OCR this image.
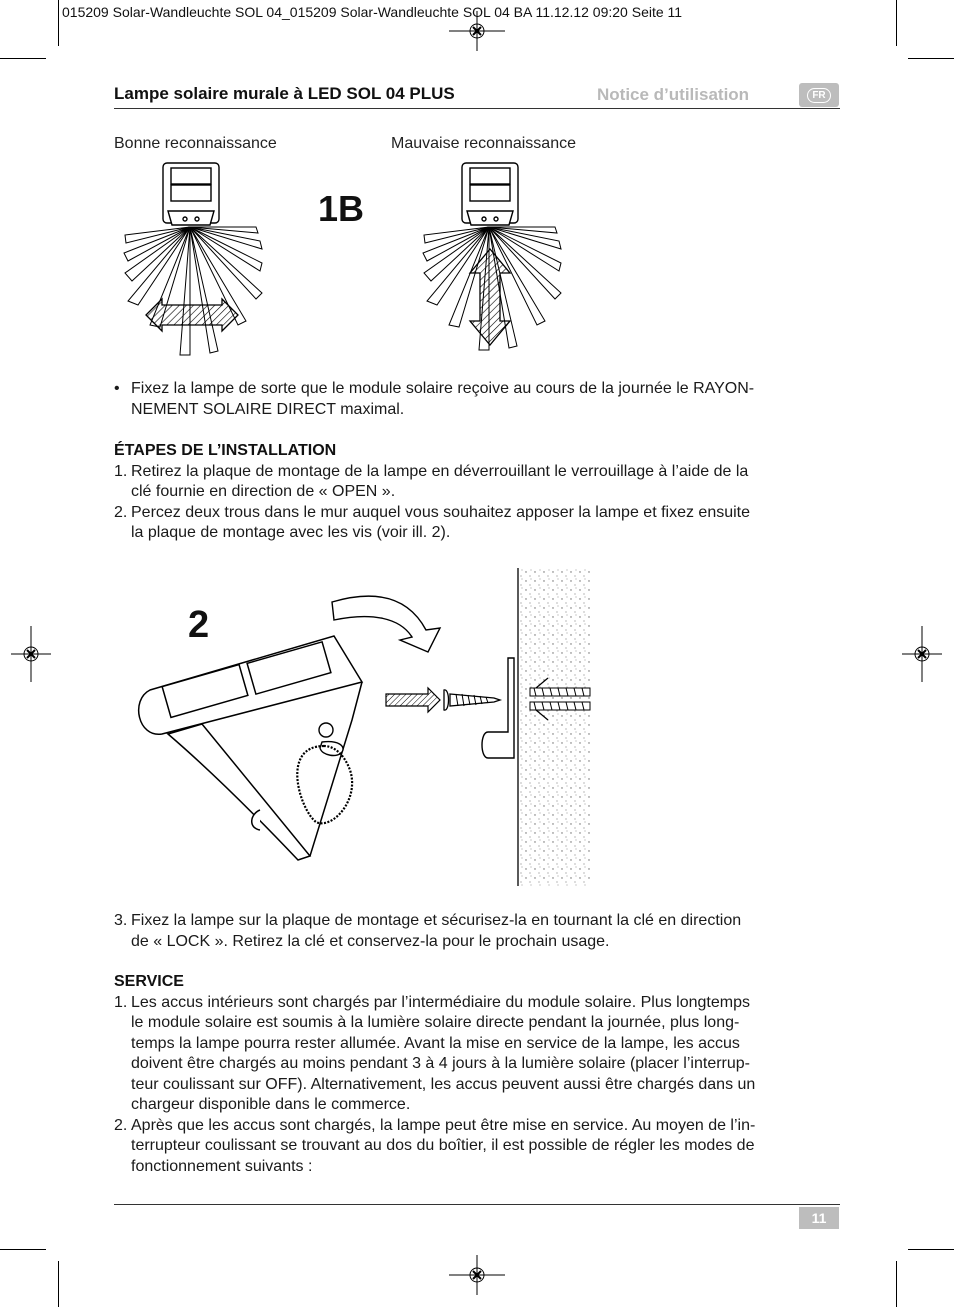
015209 Solar-Wandleuchte SOL 04_015209 Solar-Wandleuchte SOL 04 BA 11.12.12 09:20 Seite 11
Lampe solaire murale à LED SOL 04 PLUS	Notice d’utilisation	FR
Bonne reconnaissance	Mauvaise reconnaissance
1B
• Fixez la lampe de sorte que le module solaire reçoive au cours de la journée le RAYON-
NEMENT SOLAIRE DIRECT maximal.
ÉTAPES DE L’INSTALLATION
1. Retirez la plaque de montage de la lampe en déverrouillant le verrouillage à l’aide de la
clé fournie en direction de « OPEN ».
2. Percez deux trous dans le mur auquel vous souhaitez apposer la lampe et fixez ensuite
la plaque de montage avec les vis (voir ill. 2).
2
3. Fixez la lampe sur la plaque de montage et sécurisez-la en tournant la clé en direction
de « LOCK ». Retirez la clé et conservez-la pour le prochain usage.
SERVICE
1. Les accus intérieurs sont chargés par l’intermédiaire du module solaire. Plus longtemps
le module solaire est soumis à la lumière solaire directe pendant la journée, plus long-
temps la lampe pourra rester allumée. Avant la mise en service de la lampe, les accus
doivent être chargés au moins pendant 3 à 4 jours à la lumière solaire (placer l’interrup-
teur coulissant sur OFF). Alternativement, les accus peuvent aussi être chargés dans un
chargeur disponible dans le commerce.
2. Après que les accus sont chargés, la lampe peut être mise en service. Au moyen de l’in-
terrupteur coulissant se trouvant au dos du boîtier, il est possible de régler les modes de
fonctionnement suivants :
11
